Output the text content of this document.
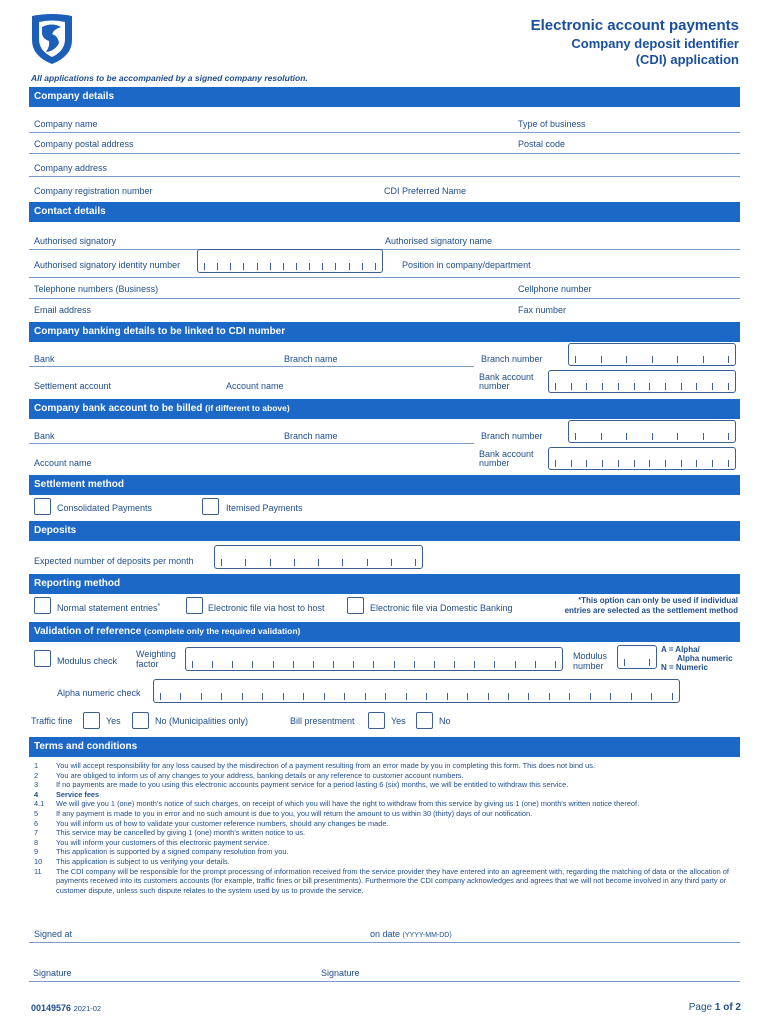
Electronic account payments
Company deposit identifier
(CDI) application
All applications to be accompanied by a signed company resolution.
Company details
Company name	Type of business
Company postal address	Postal code
Company address
Company registration number	CDI Preferred Name
Contact details
Authorised signatory	Authorised signatory name
Authorised signatory identity number	Position in company/department
Telephone numbers (Business)	Cellphone number
Email address	Fax number
Company banking details to be linked to CDI number
Bank	Branch name	Branch number
Settlement account	Account name
Bank account
number
Company bank account to be billed (if different to above)
Bank	Branch name	Branch number
Account name
Bank account
number
Settlement method
Consolidated Payments	Itemised Payments
Deposits
Expected number of deposits per month
Reporting method
Normal statement entries*	Electronic file via host to host	Electronic file via Domestic Banking
*This option can only be used if individual
entries are selected as the settlement method
Validation of reference (complete only the required validation)
Modulus check
Weighting
factor
Modulus
number
A = Alpha/
Alpha numeric
N = Numeric
Alpha numeric check
Traffic fine	Yes	No (Municipalities only)	Bill presentment	Yes	No
Terms and conditions
1	You will accept responsibility for any loss caused by the misdirection of a payment resulting from an error made by you in completing this form. This does not bind us.
2	You are obliged to inform us of any changes to your address, banking details or any reference to customer account numbers.
3	If no payments are made to you using this electronic accounts payment service for a period lasting 6 (six) months, we will be entitled to withdraw this service.
4	Service fees
4.1	We will give you 1 (one) month's notice of such charges, on receipt of which you will have the right to withdraw from this service by giving us 1 (one) month's written notice thereof.
5	If any payment is made to you in error and no such amount is due to you, you will return the amount to us within 30 (thirty) days of our notification.
6	You will inform us of how to validate your customer reference numbers, should any changes be made.
7	This service may be cancelled by giving 1 (one) month's written notice to us.
8	You will inform your customers of this electronic payment service.
9	This application is supported by a signed company resolution from you.
10	This application is subject to us verifying your details.
11	The CDI company will be responsible for the prompt processing of information received from the service provider they have entered into an agreement with, regarding the matching of data or the allocation of payments received into its customers accounts (for example, traffic fines or bill presentments). Furthermore the CDI company acknowledges and agrees that we will not become involved in any third party or customer dispute, unless such dispute relates to the system used by us to provide the service.
Signed at	on date (YYYY-MM-DD)
Signature	Signature
00149576 2021-02	Page 1 of 2
